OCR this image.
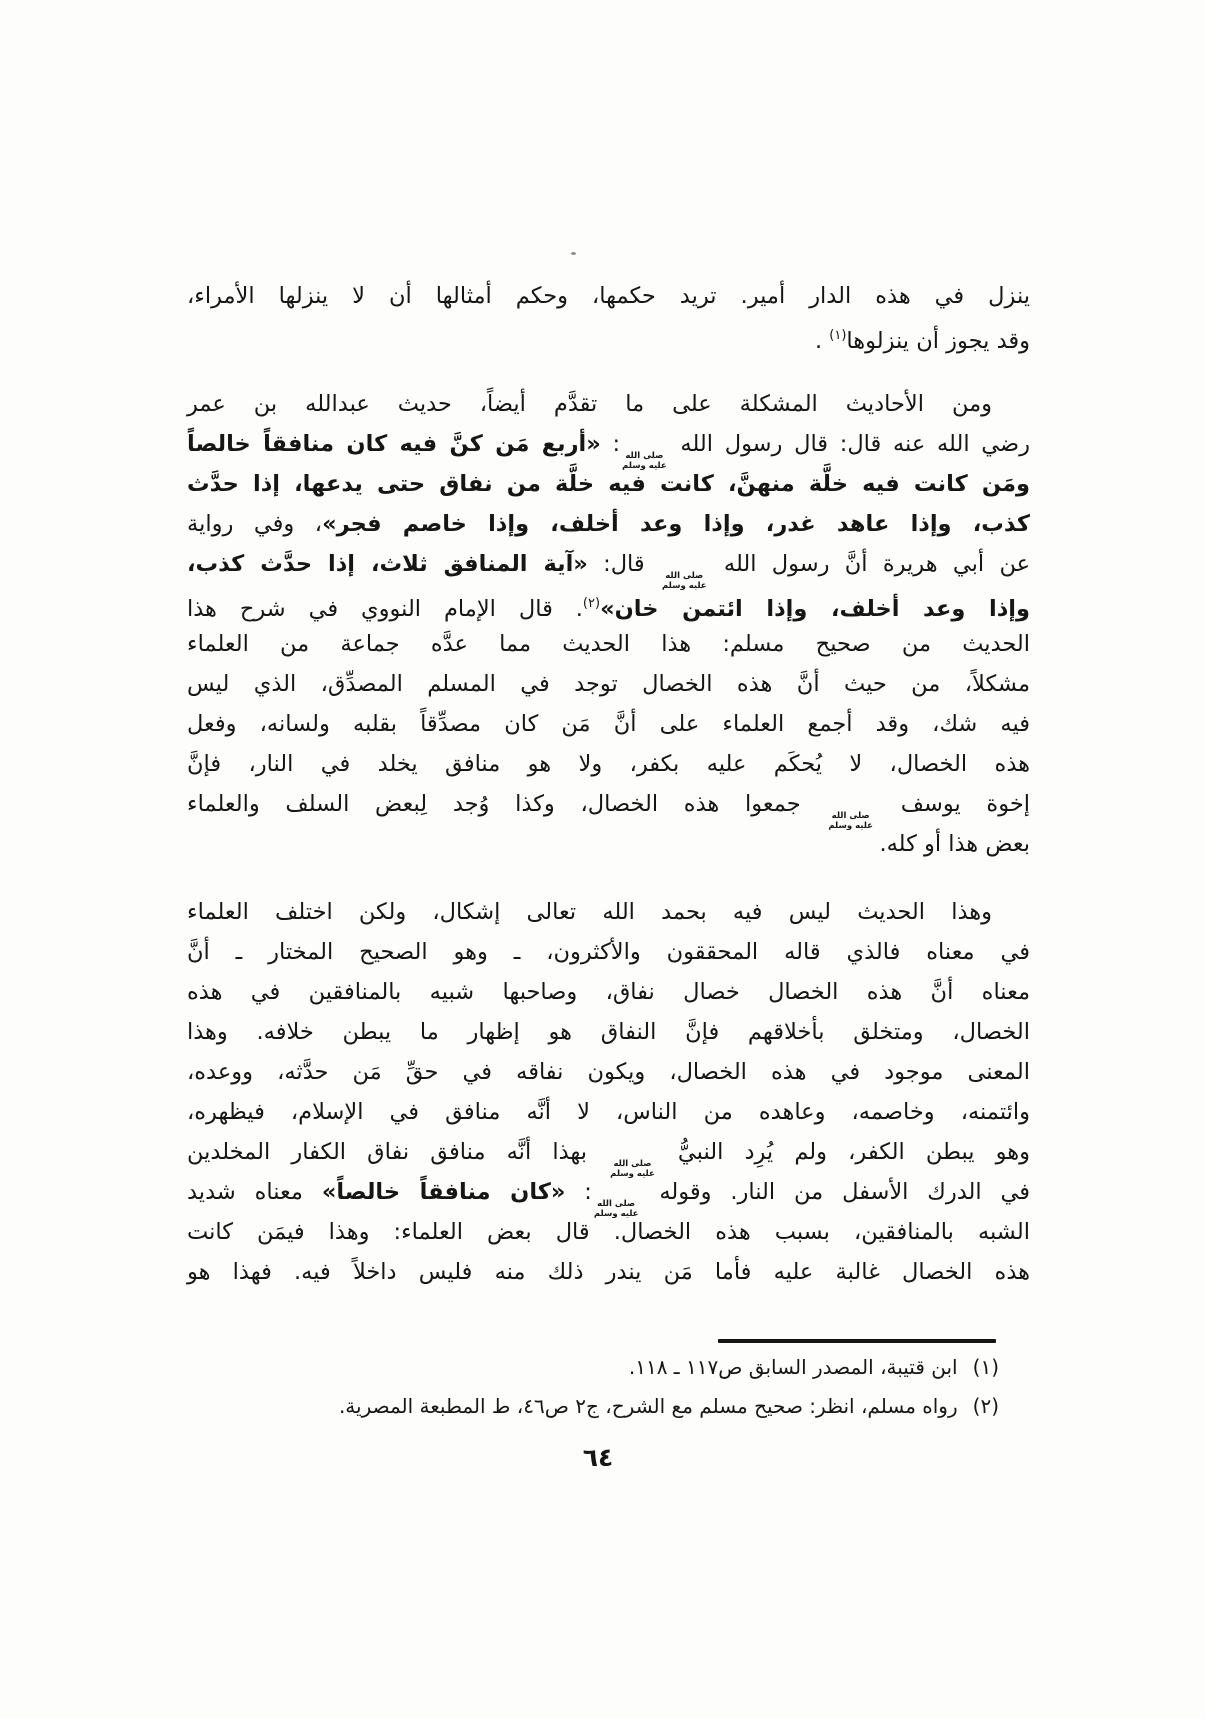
ينزل في هذه الدار أمير. تريد حكمها، وحكم أمثالها أن لا ينزلها الأمراء،
وقد يجوز أن ينزلوها$^{(١)}$ .
ومن الأحاديث المشكلة على ما تقدَّم أيضاً، حديث عبدالله بن عمر
رضي الله عنه قال: قال رسول الله
صلى الله
عليه وسلم
: «أربع مَن كنَّ فيه كان منافقاً خالصاً
ومَن كانت فيه خلَّة منهنَّ، كانت فيه خلَّة من نفاق حتى يدعها، إذا حدَّث
كذب، وإذا عاهد غدر، وإذا وعد أخلف، وإذا خاصم فجر»، وفي رواية
عن أبي هريرة أنَّ رسول الله
صلى الله
عليه وسلم
قال: «آية المنافق ثلاث، إذا حدَّث كذب،
وإذا وعد أخلف، وإذا ائتمن خان»$^{(٢)}$. قال الإمام النووي في شرح هذا
الحديث من صحيح مسلم: هذا الحديث مما عدَّه جماعة من العلماء
مشكلاً، من حيث أنَّ هذه الخصال توجد في المسلم المصدِّق، الذي ليس
فيه شك، وقد أجمع العلماء على أنَّ مَن كان مصدِّقاً بقلبه ولسانه، وفعل
هذه الخصال، لا يُحكَم عليه بكفر، ولا هو منافق يخلد في النار، فإنَّ
إخوة يوسف
صلى الله
عليه وسلم
جمعوا هذه الخصال، وكذا وُجد لِبعض السلف والعلماء
بعض هذا أو كله.
وهذا الحديث ليس فيه بحمد الله تعالى إشكال، ولكن اختلف العلماء
في معناه فالذي قاله المحققون والأكثرون، ـ وهو الصحيح المختار ـ أنَّ
معناه أنَّ هذه الخصال خصال نفاق، وصاحبها شبيه بالمنافقين في هذه
الخصال، ومتخلق بأخلاقهم فإنَّ النفاق هو إظهار ما يبطن خلافه. وهذا
المعنى موجود في هذه الخصال، ويكون نفاقه في حقِّ مَن حدَّثه، ووعده،
وائتمنه، وخاصمه، وعاهده من الناس، لا أنَّه منافق في الإسلام، فيظهره،
وهو يبطن الكفر، ولم يُرِد النبيُّ
صلى الله
عليه وسلم
بهذا أنَّه منافق نفاق الكفار المخلدين
في الدرك الأسفل من النار. وقوله
صلى الله
عليه وسلم
: «كان منافقاً خالصاً» معناه شديد
الشبه بالمنافقين، بسبب هذه الخصال. قال بعض العلماء: وهذا فيمَن كانت
هذه الخصال غالبة عليه فأما مَن يندر ذلك منه فليس داخلاً فيه. فهذا هو
(١)
ابن قتيبة، المصدر السابق ص١١٧ ـ ١١٨.
(٢)
رواه مسلم، انظر: صحيح مسلم مع الشرح، ج٢ ص٤٦، ط المطبعة المصرية.
٦٤
